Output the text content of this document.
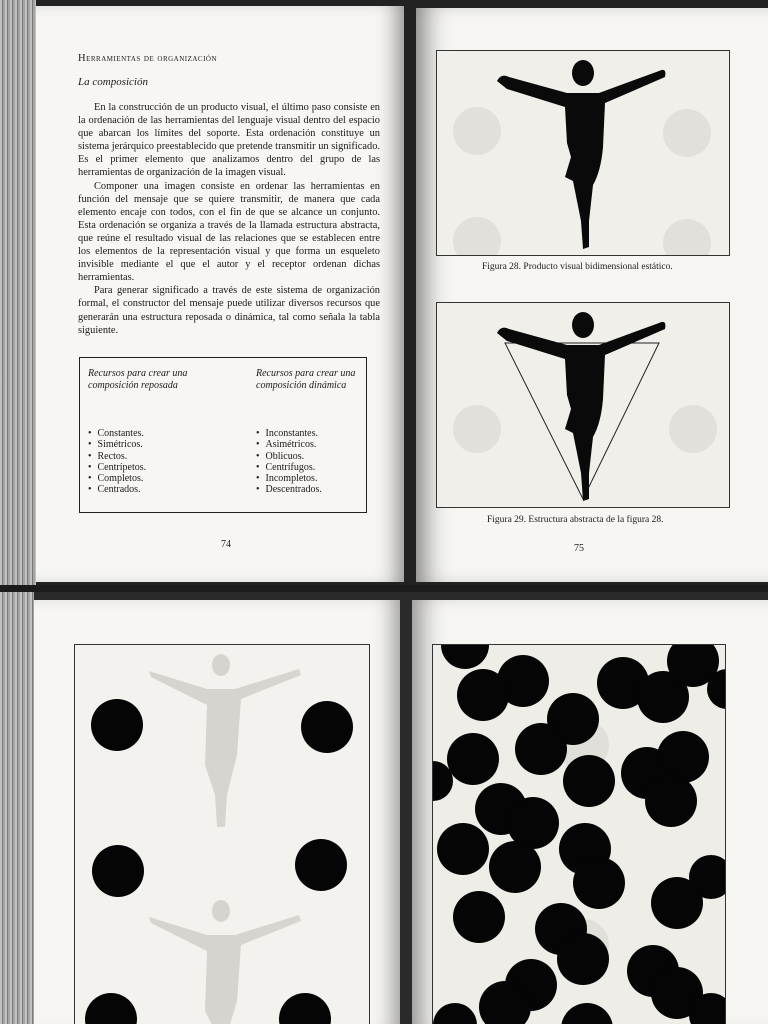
Herramientas de organización
La composición

En la construcción de un producto visual, el último paso consiste en la ordenación de las herramientas del lenguaje visual dentro del espacio que abarcan los límites del soporte. Esta ordenación constituye un sistema jerárquico preestablecido que pretende transmitir un significado. Es el primer elemento que analizamos dentro del grupo de las herramientas de organización de la imagen visual.

Componer una imagen consiste en ordenar las herramientas en función del mensaje que se quiere transmitir, de manera que cada elemento encaje con todos, con el fin de que se alcance un conjunto. Esta ordenación se organiza a través de la llamada estructura abstracta, que reúne el resultado visual de las relaciones que se establecen entre los elementos de la representación visual y que forma un esqueleto invisible mediante el que el autor y el receptor ordenan dichas herramientas.

Para generar significado a través de este sistema de organización formal, el constructor del mensaje puede utilizar diversos recursos que generarán una estructura reposada o dinámica, tal como señala la tabla siguiente.

Recursos para crear una composición reposada
• Constantes.
• Simétricos.
• Rectos.
• Centrípetos.
• Completos.
• Centrados.
Recursos para crear una composición dinámica
• Inconstantes.
• Asimétricos.
• Oblicuos.
• Centrífugos.
• Incompletos.
• Descentrados.
74
Figura 28. Producto visual bidimensional estático.
Figura 29. Estructura abstracta de la figura 28.
75
